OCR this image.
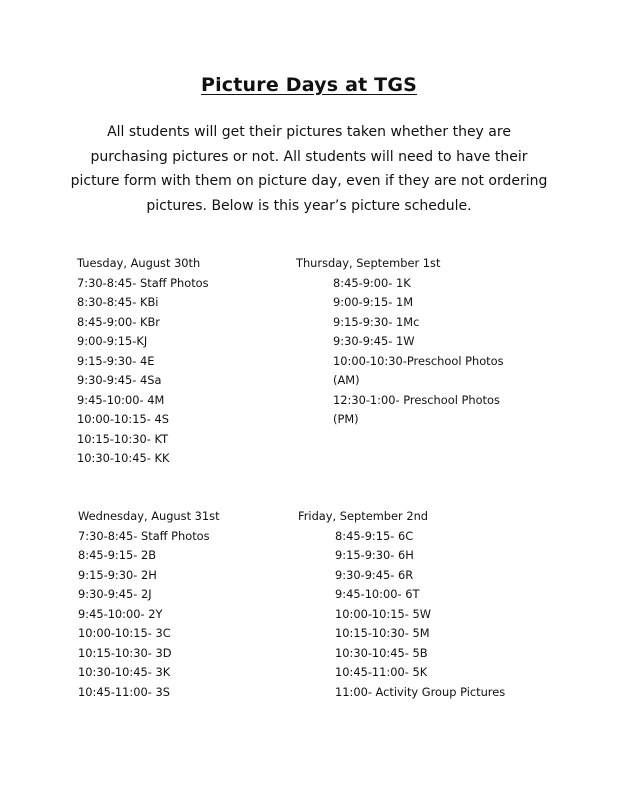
Picture Days at TGS

All students will get their pictures taken whether they are purchasing pictures or not. All students will need to have their picture form with them on picture day, even if they are not ordering pictures. Below is this year’s picture schedule.

Tuesday, August 30th
7:30-8:45- Staff Photos
8:30-8:45- KBi
8:45-9:00- KBr
9:00-9:15-KJ
9:15-9:30- 4E
9:30-9:45- 4Sa
9:45-10:00- 4M
10:00-10:15- 4S
10:15-10:30- KT
10:30-10:45- KK
Thursday, September 1st
8:45-9:00- 1K
9:00-9:15- 1M
9:15-9:30- 1Mc
9:30-9:45- 1W
10:00-10:30-Preschool Photos
(AM)
12:30-1:00- Preschool Photos
(PM)
Wednesday, August 31st
7:30-8:45- Staff Photos
8:45-9:15- 2B
9:15-9:30- 2H
9:30-9:45- 2J
9:45-10:00- 2Y
10:00-10:15- 3C
10:15-10:30- 3D
10:30-10:45- 3K
10:45-11:00- 3S
Friday, September 2nd
8:45-9:15- 6C
9:15-9:30- 6H
9:30-9:45- 6R
9:45-10:00- 6T
10:00-10:15- 5W
10:15-10:30- 5M
10:30-10:45- 5B
10:45-11:00- 5K
11:00- Activity Group Pictures
